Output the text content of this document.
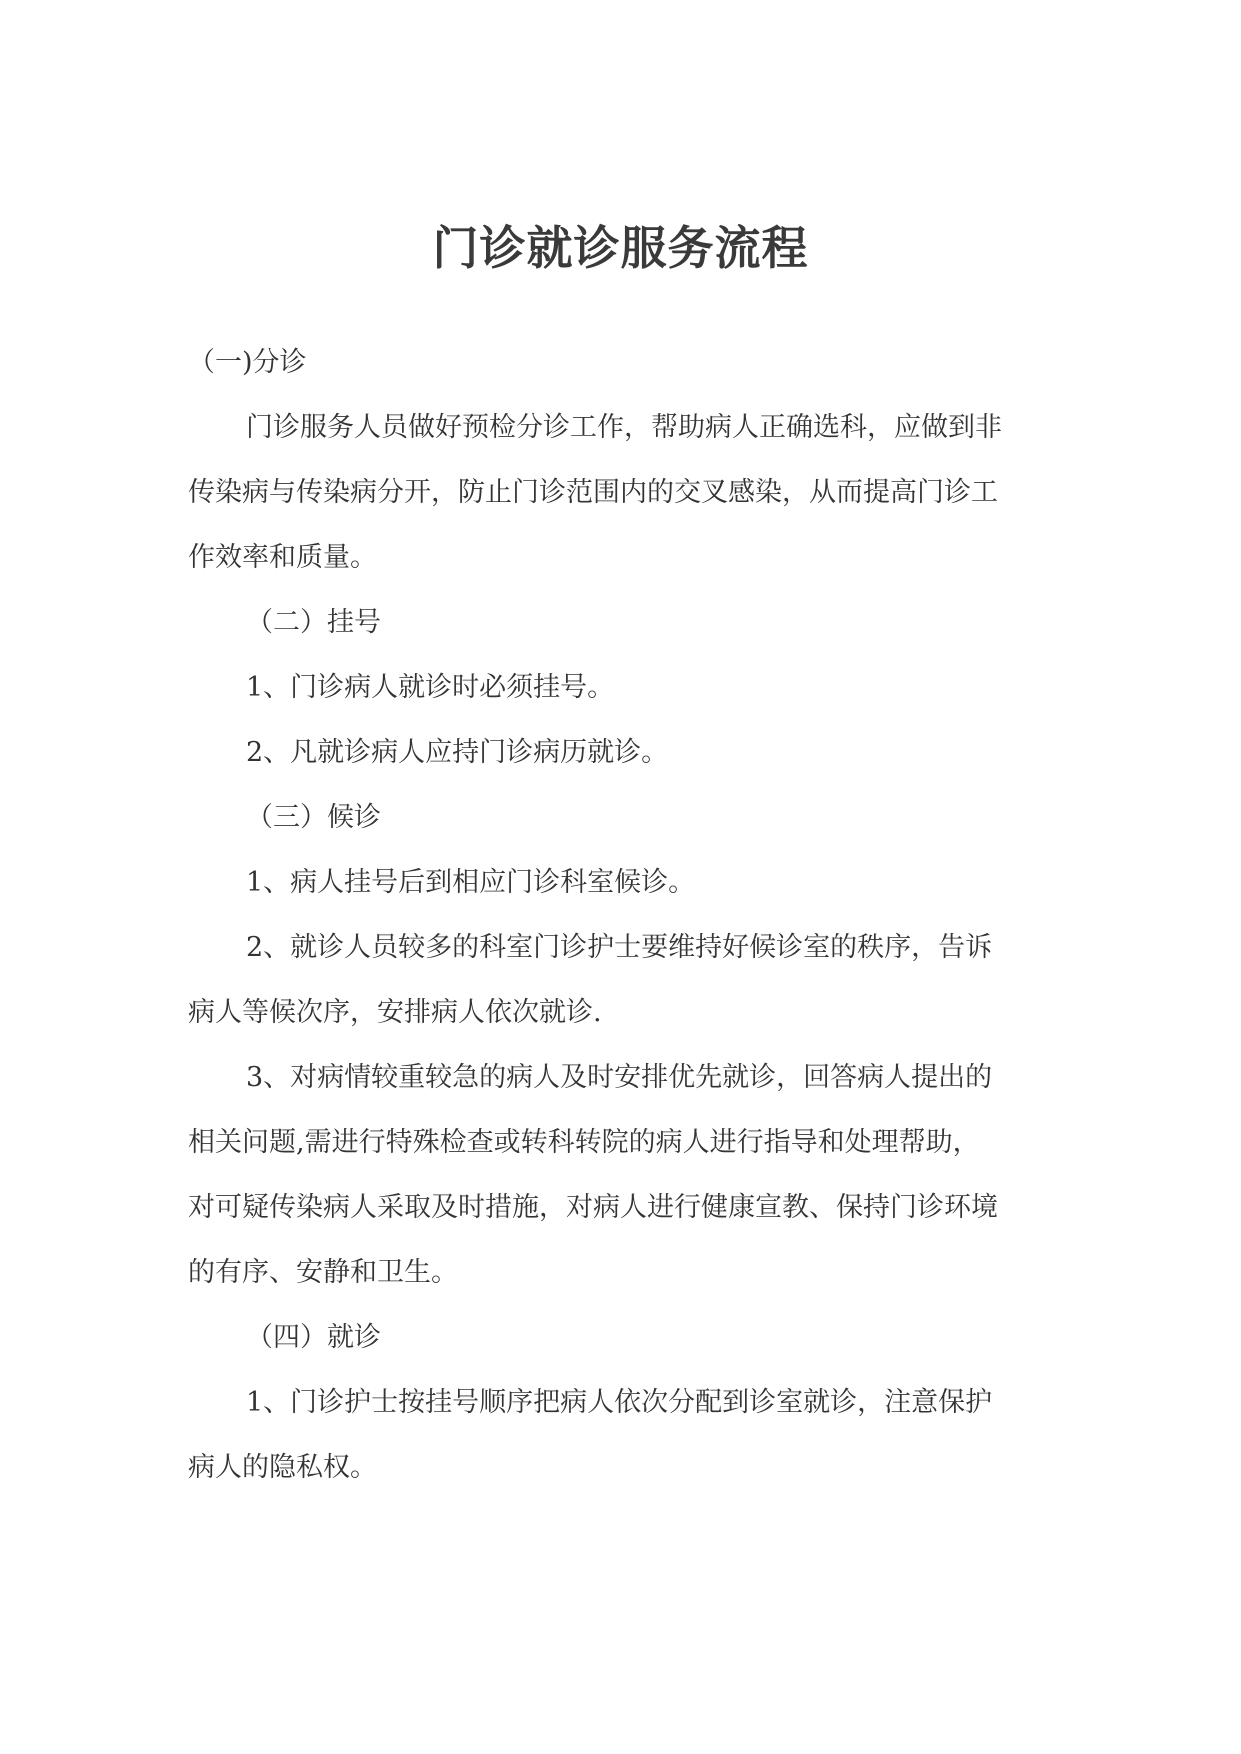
门诊就诊服务流程
（一)分诊
门诊服务人员做好预检分诊工作，帮助病人正确选科，应做到非
传染病与传染病分开，防止门诊范围内的交叉感染，从而提高门诊工
作效率和质量。
（二）挂号
1、门诊病人就诊时必须挂号。
2、凡就诊病人应持门诊病历就诊。
（三）候诊
1、病人挂号后到相应门诊科室候诊。
2、就诊人员较多的科室门诊护士要维持好候诊室的秩序，告诉
病人等候次序，安排病人依次就诊.
3、对病情较重较急的病人及时安排优先就诊，回答病人提出的
相关问题,需进行特殊检查或转科转院的病人进行指导和处理帮助，
对可疑传染病人采取及时措施，对病人进行健康宣教、保持门诊环境
的有序、安静和卫生。
（四）就诊
1、门诊护士按挂号顺序把病人依次分配到诊室就诊，注意保护
病人的隐私权。
